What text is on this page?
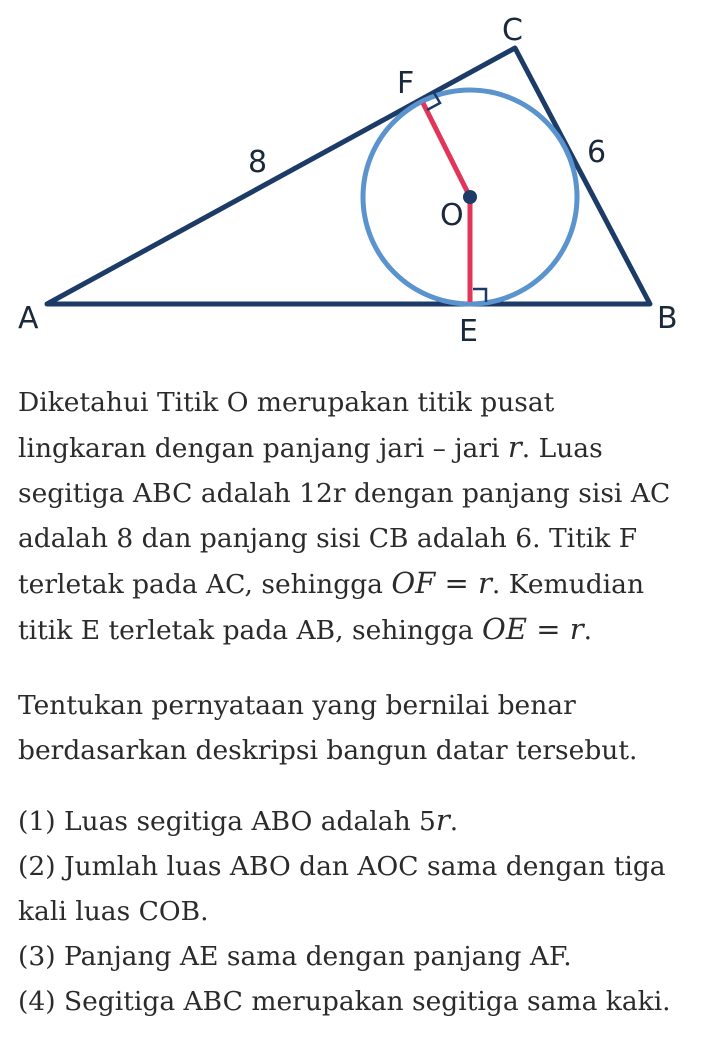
A	B
C
E
F
O
8	6
Diketahui Titik O merupakan titik pusat
lingkaran dengan panjang jari – jari r. Luas
segitiga ABC adalah 12r dengan panjang sisi AC
adalah 8 dan panjang sisi CB adalah 6. Titik F
terletak pada AC, sehingga OF = r. Kemudian
titik E terletak pada AB, sehingga OE = r.
Tentukan pernyataan yang bernilai benar
berdasarkan deskripsi bangun datar tersebut.
(1) Luas segitiga ABO adalah 5r.
(2) Jumlah luas ABO dan AOC sama dengan tiga
kali luas COB.
(3) Panjang AE sama dengan panjang AF.
(4) Segitiga ABC merupakan segitiga sama kaki.
